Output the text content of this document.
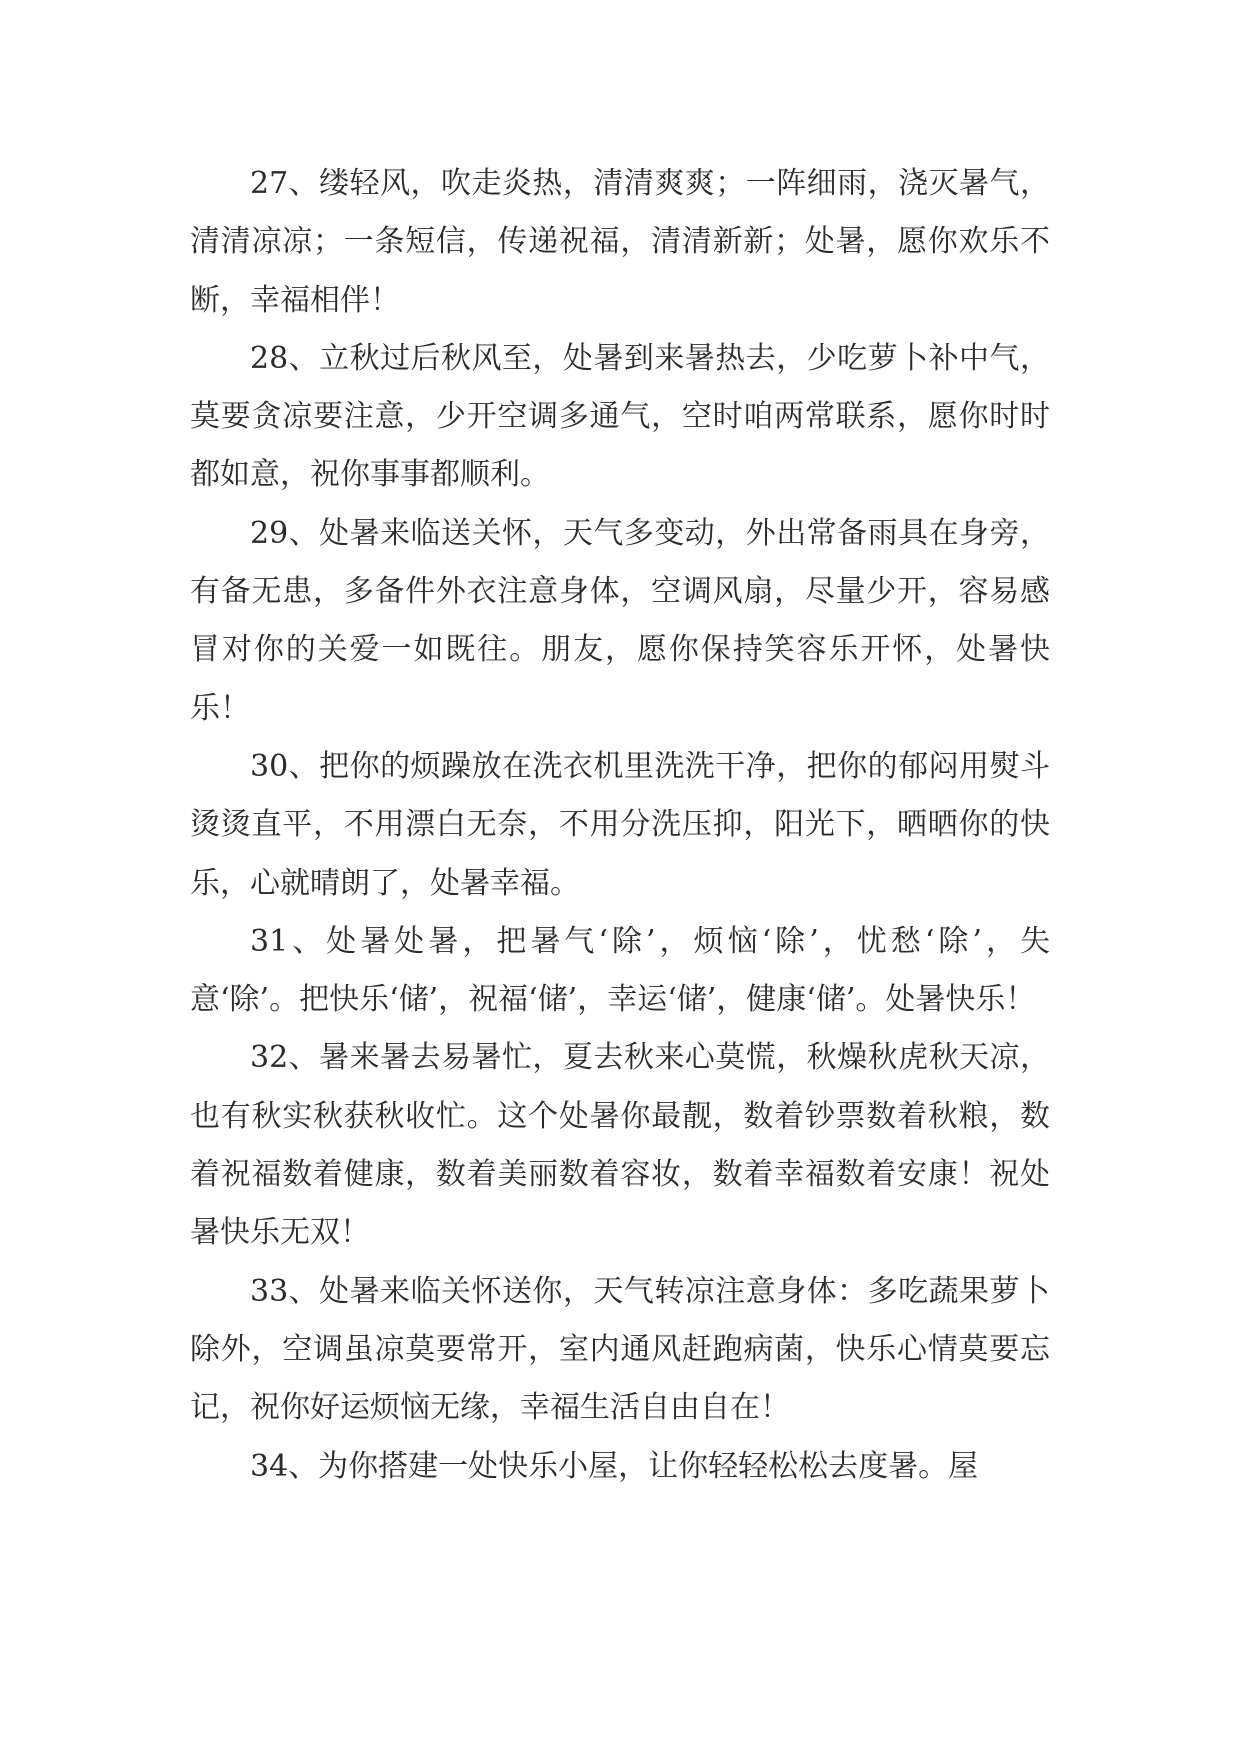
27、缕轻风，吹走炎热，清清爽爽；一阵细雨，浇灭暑气，清清凉凉；一条短信，传递祝福，清清新新；处暑，愿你欢乐不断，幸福相伴！

28、立秋过后秋风至，处暑到来暑热去，少吃萝卜补中气，莫要贪凉要注意，少开空调多通气，空时咱两常联系，愿你时时都如意，祝你事事都顺利。

29、处暑来临送关怀，天气多变动，外出常备雨具在身旁，有备无患，多备件外衣注意身体，空调风扇，尽量少开，容易感冒对你的关爱一如既往。朋友，愿你保持笑容乐开怀，处暑快乐！

30、把你的烦躁放在洗衣机里洗洗干净，把你的郁闷用熨斗烫烫直平，不用漂白无奈，不用分洗压抑，阳光下，晒晒你的快乐，心就晴朗了，处暑幸福。

31、处暑处暑，把暑气‘除’，烦恼‘除’，忧愁‘除’，失意‘除’。把快乐‘储’，祝福‘储’，幸运‘储’，健康‘储’。处暑快乐！

32、暑来暑去易暑忙，夏去秋来心莫慌，秋燥秋虎秋天凉，也有秋实秋获秋收忙。这个处暑你最靓，数着钞票数着秋粮，数着祝福数着健康，数着美丽数着容妆，数着幸福数着安康！祝处暑快乐无双！

33、处暑来临关怀送你，天气转凉注意身体：多吃蔬果萝卜除外，空调虽凉莫要常开，室内通风赶跑病菌，快乐心情莫要忘记，祝你好运烦恼无缘，幸福生活自由自在！

34、为你搭建一处快乐小屋，让你轻轻松松去度暑。屋
